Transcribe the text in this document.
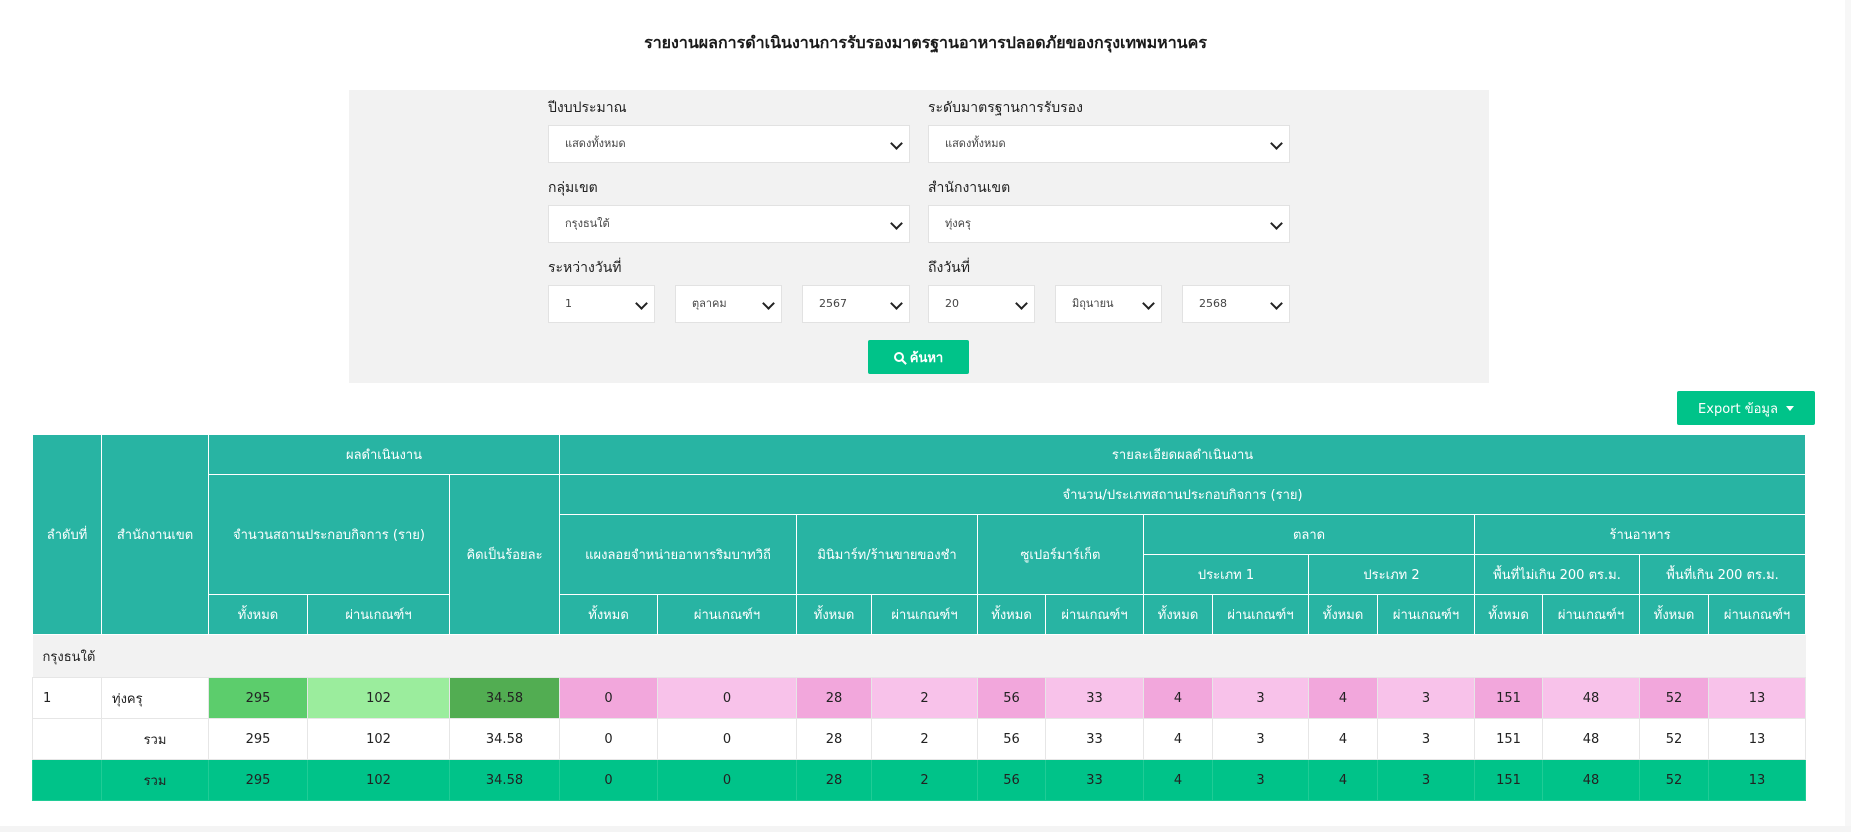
รายงานผลการดำเนินงานการรับรองมาตรฐานอาหารปลอดภัยของกรุงเทพมหานคร
ปีงบประมาณ
แสดงทั้งหมด
ระดับมาตรฐานการรับรอง
แสดงทั้งหมด
กลุ่มเขต
กรุงธนใต้
สำนักงานเขต
ทุ่งครุ
ระหว่างวันที่
1	ตุลาคม	2567
ถึงวันที่
20	มิถุนายน	2568
ค้นหา
Export ข้อมูล
ลำดับที่	สำนักงานเขต	ผลดำเนินงาน			รายละเอียดผลดำเนินงาน													
		จำนวนสถานประกอบกิจการ (ราย)		คิดเป็นร้อยละ	จำนวน/ประเภทสถานประกอบกิจการ (ราย)													
					แผงลอยจำหน่ายอาหารริมบาทวิถี		มินิมาร์ท/ร้านขายของชำ		ซูเปอร์มาร์เก็ต		ตลาด				ร้านอาหาร			
											ประเภท 1		ประเภท 2		พื้นที่ไม่เกิน 200 ตร.ม.		พื้นที่เกิน 200 ตร.ม.	
		ทั้งหมด	ผ่านเกณฑ์ฯ		ทั้งหมด	ผ่านเกณฑ์ฯ	ทั้งหมด	ผ่านเกณฑ์ฯ	ทั้งหมด	ผ่านเกณฑ์ฯ	ทั้งหมด	ผ่านเกณฑ์ฯ	ทั้งหมด	ผ่านเกณฑ์ฯ	ทั้งหมด	ผ่านเกณฑ์ฯ	ทั้งหมด	ผ่านเกณฑ์ฯ
กรุงธนใต้																		
1	ทุ่งครุ	295	102	34.58	0	0	28	2	56	33	4	3	4	3	151	48	52	13
	รวม	295	102	34.58	0	0	28	2	56	33	4	3	4	3	151	48	52	13
	รวม	295	102	34.58	0	0	28	2	56	33	4	3	4	3	151	48	52	13
